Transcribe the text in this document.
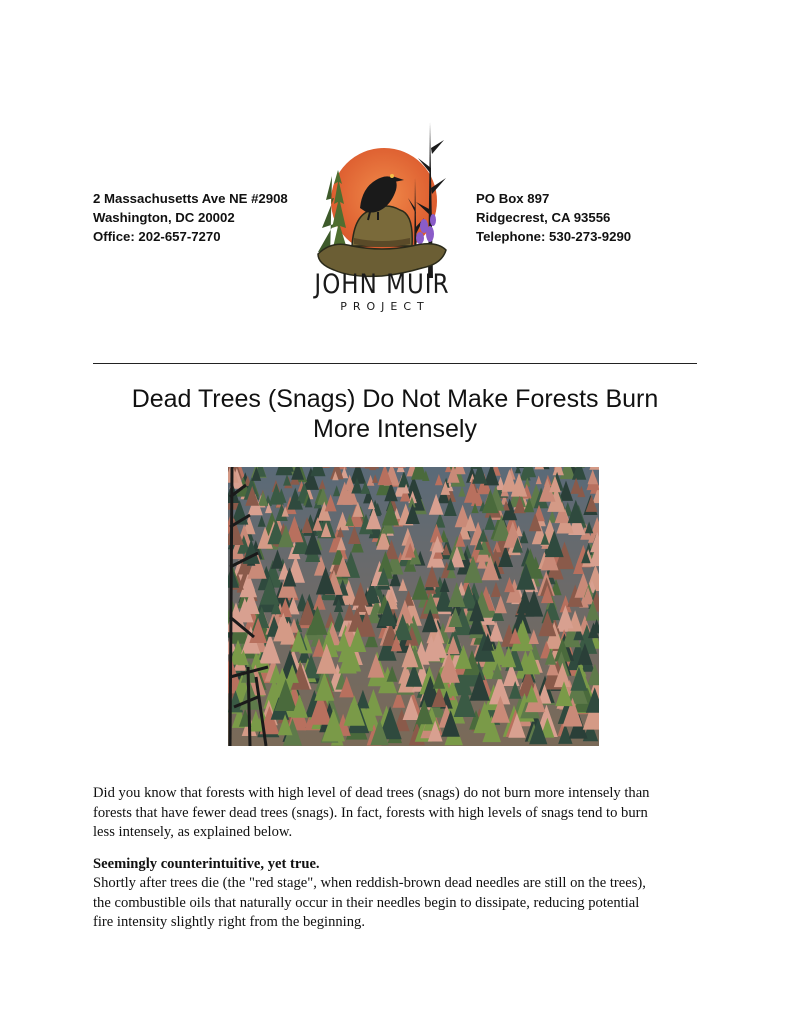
2 Massachusetts Ave NE #2908
Washington, DC 20002
Office: 202-657-7270
PO Box 897
Ridgecrest, CA 93556
Telephone: 530-273-9290
JOHN MUIR
PROJECT
Dead Trees (Snags) Do Not Make Forests Burn
More Intensely
Did you know that forests with high level of dead trees (snags) do not burn more intensely than
forests that have fewer dead trees (snags). In fact, forests with high levels of snags tend to burn
less intensely, as explained below.
Seemingly counterintuitive, yet true.
Shortly after trees die (the "red stage", when reddish-brown dead needles are still on the trees),
the combustible oils that naturally occur in their needles begin to dissipate, reducing potential
fire intensity slightly right from the beginning.
